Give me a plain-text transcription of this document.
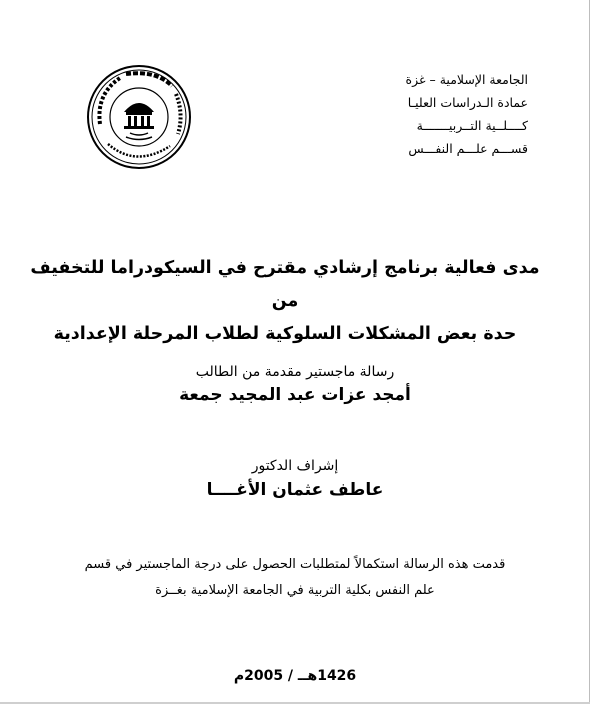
الجامعة الإسلامية – غزة
عمادة الـدراسات العليـا
كــــلــية التــربيـــــــة
قســـم علـــم النفـــس
مدى فعالية برنامج إرشادي مقترح في السيكودراما للتخفيف من
حدة بعض المشكلات السلوكية لطلاب المرحلة الإعدادية
رسالة ماجستير مقدمة من الطالب
أمجد عزات عبد المجيد جمعة
إشراف الدكتور
عاطف عثمان الأغــــا
قدمت هذه الرسالة استكمالاً لمتطلبات الحصول على درجة الماجستير في قسم
علم النفس بكلية التربية في الجامعة الإسلامية بغــزة
1426هــ / 2005م
